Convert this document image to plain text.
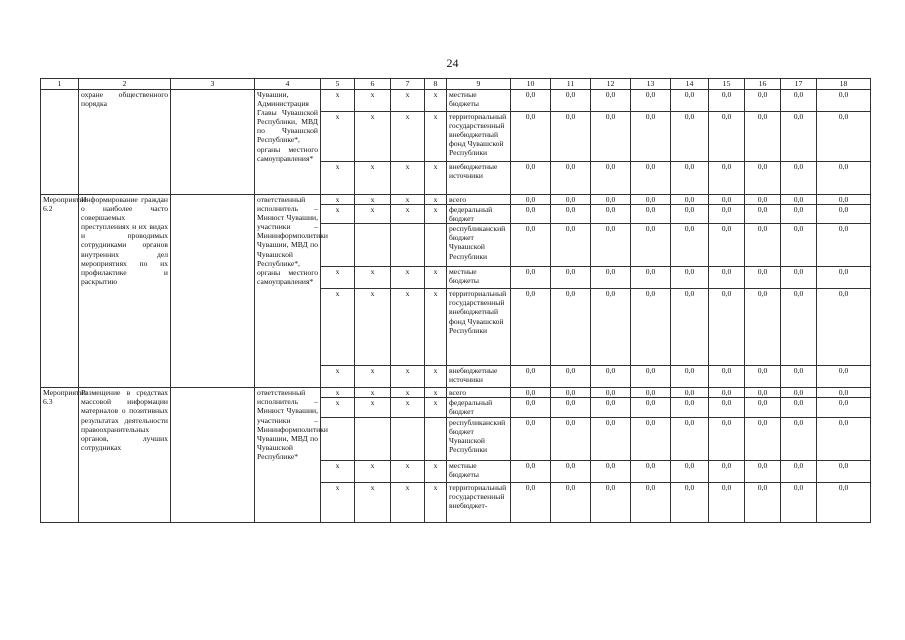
24
1	2	3	4	5	6	7	8	9	10	11	12	13	14	15	16	17	18
	охране общественного порядка		Чувашии, Администрация Главы Чувашской Республики, МВД по Чувашской Республике*, органы местного самоуправления*	x	x	x	x	местные бюджеты	0,0	0,0	0,0	0,0	0,0	0,0	0,0	0,0	0,0
				x	x	x	x	территориальный государственный внебюджетный фонд Чувашской Республики	0,0	0,0	0,0	0,0	0,0	0,0	0,0	0,0	0,0
				x	x	x	x	внебюджетные источники	0,0	0,0	0,0	0,0	0,0	0,0	0,0	0,0	0,0
Мероприятие 6.2	Информирование граждан о наиболее часто совершаемых преступлениях и их видах и проводимых сотрудниками органов внутренних дел мероприятиях по их профилактике и раскрытию		ответственный исполнитель – Минюст Чувашии, участники – Мининформполитики Чувашии, МВД по Чувашской Республике*, органы местного самоуправления*	x	x	x	x	всего	0,0	0,0	0,0	0,0	0,0	0,0	0,0	0,0	0,0
				x	x	x	x	федеральный бюджет	0,0	0,0	0,0	0,0	0,0	0,0	0,0	0,0	0,0
								республиканский бюджет Чувашской Республики	0,0	0,0	0,0	0,0	0,0	0,0	0,0	0,0	0,0
				x	x	x	x	местные бюджеты	0,0	0,0	0,0	0,0	0,0	0,0	0,0	0,0	0,0
				x	x	x	x	территориальный государственный внебюджетный фонд Чувашской Республики	0,0	0,0	0,0	0,0	0,0	0,0	0,0	0,0	0,0
				x	x	x	x	внебюджетные источники	0,0	0,0	0,0	0,0	0,0	0,0	0,0	0,0	0,0
Мероприятие 6.3	Размещение в средствах массовой информации материалов о позитивных результатах деятельности правоохранительных органов, лучших сотрудниках		ответственный исполнитель – Минюст Чувашии, участники – Мининформполитики Чувашии, МВД по Чувашской Республике*	x	x	x	x	всего	0,0	0,0	0,0	0,0	0,0	0,0	0,0	0,0	0,0
				x	x	x	x	федеральный бюджет	0,0	0,0	0,0	0,0	0,0	0,0	0,0	0,0	0,0
								республиканский бюджет Чувашской Республики	0,0	0,0	0,0	0,0	0,0	0,0	0,0	0,0	0,0
				x	x	x	x	местные бюджеты	0,0	0,0	0,0	0,0	0,0	0,0	0,0	0,0	0,0
				x	x	x	x	территориальный государственный внебюджет-	0,0	0,0	0,0	0,0	0,0	0,0	0,0	0,0	0,0
